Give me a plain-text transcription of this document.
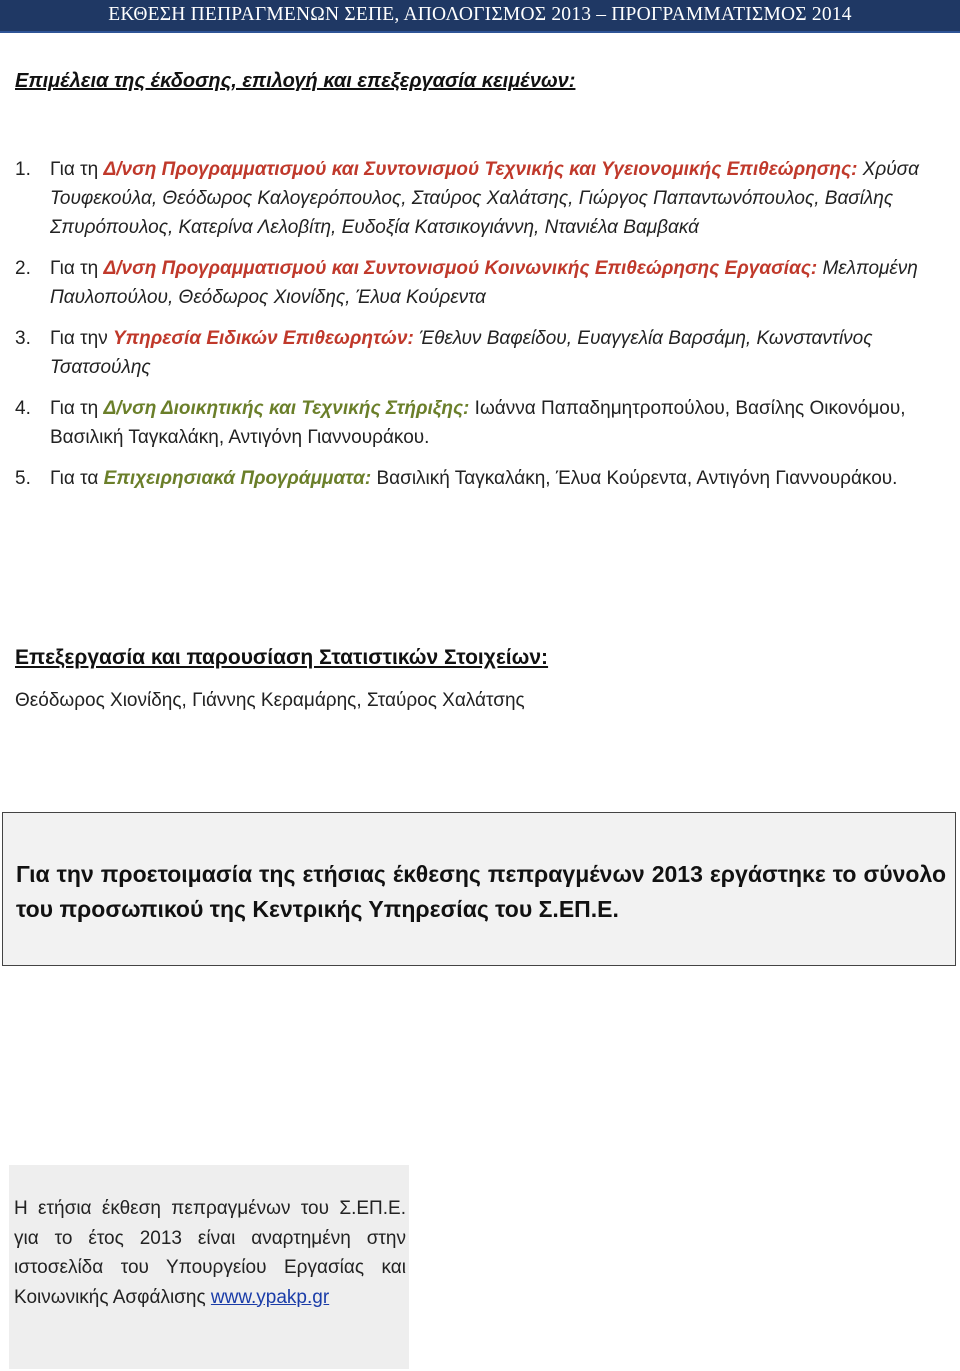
ΕΚΘΕΣΗ ΠΕΠΡΑΓΜΕΝΩΝ ΣΕΠΕ, ΑΠΟΛΟΓΙΣΜΟΣ 2013 – ΠΡΟΓΡΑΜΜΑΤΙΣΜΟΣ 2014
Επιμέλεια της έκδοσης, επιλογή και επεξεργασία κειμένων:
1. Για τη Δ/νση Προγραμματισμού και Συντονισμού Τεχνικής και Υγειονομικής Επιθεώρησης: Χρύσα Τουφεκούλα, Θεόδωρος Καλογερόπουλος, Σταύρος Χαλάτσης, Γιώργος Παπαντωνόπουλος, Βασίλης Σπυρόπουλος, Κατερίνα Λελοβίτη, Ευδοξία Κατσικογιάννη, Ντανιέλα Βαμβακά
2. Για τη Δ/νση Προγραμματισμού και Συντονισμού Κοινωνικής Επιθεώρησης Εργασίας: Μελπομένη Παυλοπούλου, Θεόδωρος Χιονίδης, Έλυα Κούρεντα
3. Για την Υπηρεσία Ειδικών Επιθεωρητών: Έθελυν Βαφείδου, Ευαγγελία Βαρσάμη, Κωνσταντίνος Τσατσούλης
4. Για τη Δ/νση Διοικητικής και Τεχνικής Στήριξης: Ιωάννα Παπαδημητροπούλου, Βασίλης Οικονόμου, Βασιλική Ταγκαλάκη, Αντιγόνη Γιαννουράκου.
5. Για τα Επιχειρησιακά Προγράμματα: Βασιλική Ταγκαλάκη, Έλυα Κούρεντα, Αντιγόνη Γιαννουράκου.
Επεξεργασία και παρουσίαση Στατιστικών Στοιχείων:
Θεόδωρος Χιονίδης, Γιάννης Κεραμάρης, Σταύρος Χαλάτσης
Για την προετοιμασία της ετήσιας έκθεσης πεπραγμένων 2013 εργάστηκε το σύνολο του προσωπικού της Κεντρικής Υπηρεσίας του Σ.ΕΠ.Ε.
Η ετήσια έκθεση πεπραγμένων του Σ.ΕΠ.Ε. για το έτος 2013 είναι αναρτημένη στην ιστοσελίδα του Υπουργείου Εργασίας και Κοινωνικής Ασφάλισης www.ypakp.gr
